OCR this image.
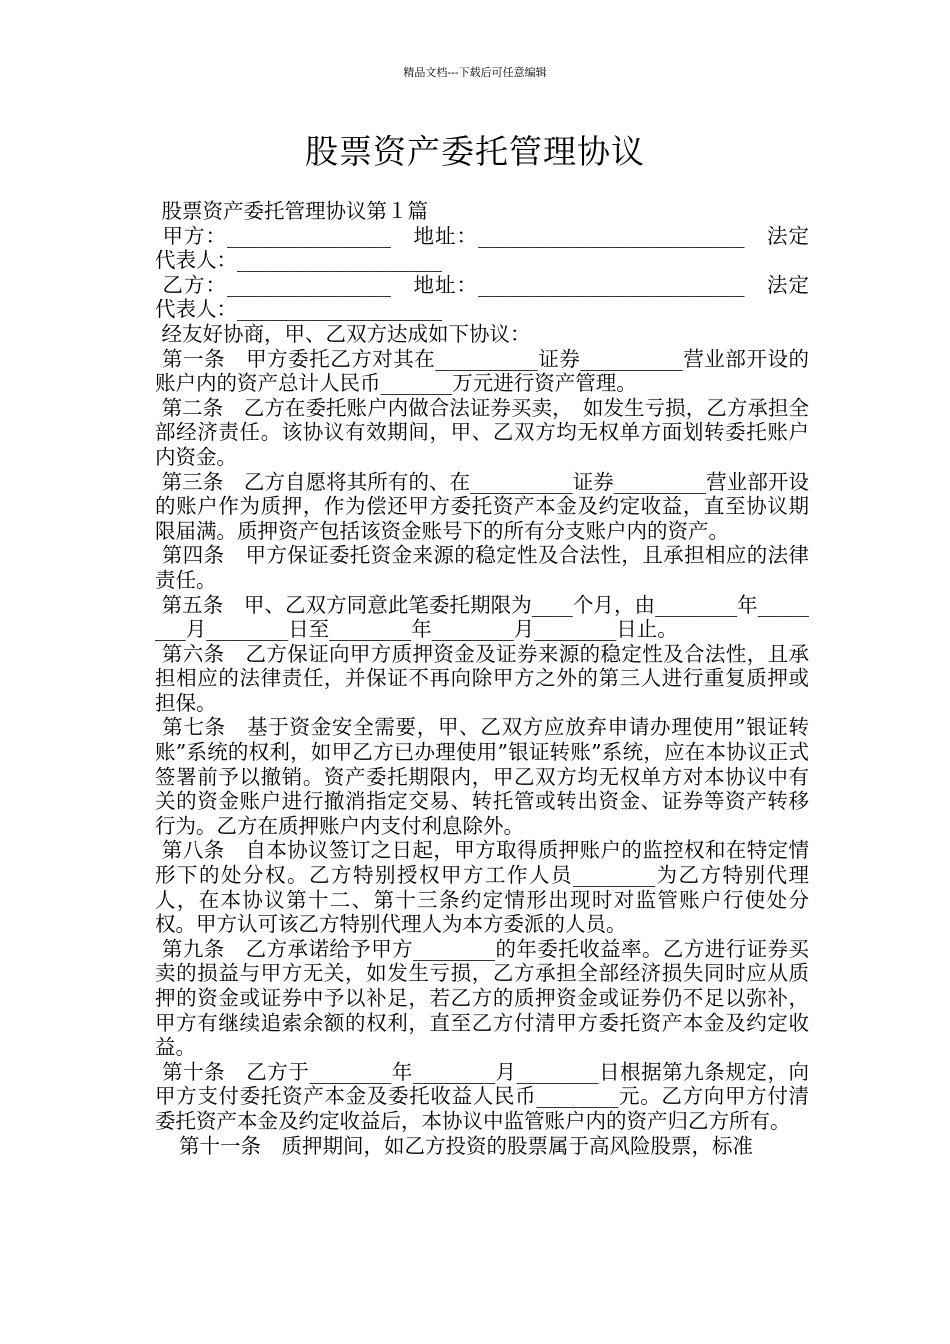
精品文档---下载后可任意编辑
股票资产委托管理协议

股票资产委托管理协议第１篇

甲方：________________　地址：__________________________　法定代表人：____________________

乙方：________________　地址：__________________________　法定代表人：____________________

经友好协商，甲、乙双方达成如下协议：

第一条　甲方委托乙方对其在__________证券__________营业部开设的账户内的资产总计人民币_______万元进行资产管理。

第二条　乙方在委托账户内做合法证券买卖，　如发生亏损，乙方承担全部经济责任。该协议有效期间，甲、乙双方均无权单方面划转委托账户内资金。

第三条　乙方自愿将其所有的、在__________证券_________营业部开设的账户作为质押，作为偿还甲方委托资产本金及约定收益，直至协议期限届满。质押资产包括该资金账号下的所有分支账户内的资产。

第四条　甲方保证委托资金来源的稳定性及合法性，且承担相应的法律责任。

第五条　甲、乙双方同意此笔委托期限为____个月，由________年________月________日至________年________月________日止。

第六条　乙方保证向甲方质押资金及证券来源的稳定性及合法性，且承担相应的法律责任，并保证不再向除甲方之外的第三人进行重复质押或担保。

第七条　基于资金安全需要，甲、乙双方应放弃申请办理使用”银证转账”系统的权利，如甲乙方已办理使用”银证转账”系统，应在本协议正式签署前予以撤销。资产委托期限内，甲乙双方均无权单方对本协议中有关的资金账户进行撤消指定交易、转托管或转出资金、证券等资产转移行为。乙方在质押账户内支付利息除外。

第八条　自本协议签订之日起，甲方取得质押账户的监控权和在特定情形下的处分权。乙方特别授权甲方工作人员________为乙方特别代理人，在本协议第十二、第十三条约定情形出现时对监管账户行使处分权。甲方认可该乙方特别代理人为本方委派的人员。

第九条　乙方承诺给予甲方________的年委托收益率。乙方进行证券买卖的损益与甲方无关，如发生亏损，乙方承担全部经济损失同时应从质押的资金或证券中予以补足，若乙方的质押资金或证券仍不足以弥补，甲方有继续追索余额的权利，直至乙方付清甲方委托资产本金及约定收益。

第十条　乙方于________年________月________日根据第九条规定，向甲方支付委托资产本金及委托收益人民币________元。乙方向甲方付清委托资产本金及约定收益后，本协议中监管账户内的资产归乙方所有。

第十一条　质押期间，如乙方投资的股票属于高风险股票，标准
